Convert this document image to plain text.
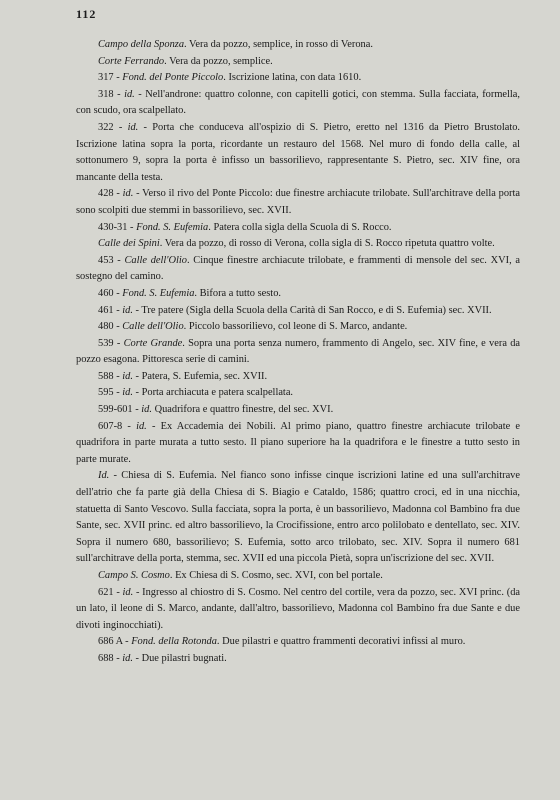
112

Campo della Sponza. Vera da pozzo, semplice, in rosso di Verona.

Corte Ferrando. Vera da pozzo, semplice.

317 - Fond. del Ponte Piccolo. Iscrizione latina, con data 1610.

318 - id. - Nell'androne: quattro colonne, con capitelli gotici, con stemma. Sulla facciata, formella, con scudo, ora scalpellato.

322 - id. - Porta che conduceva all'ospizio di S. Pietro, eretto nel 1316 da Pietro Brustolato. Iscrizione latina sopra la porta, ricordante un restauro del 1568. Nel muro di fondo della calle, al sottonumero 9, sopra la porta è infisso un bassorilievo, rappresentante S. Pietro, sec. XIV fine, ora mancante della testa.

428 - id. - Verso il rivo del Ponte Piccolo: due finestre archiacute trilobate. Sull'architrave della porta sono scolpiti due stemmi in bassorilievo, sec. XVII.

430-31 - Fond. S. Eufemia. Patera colla sigla della Scuola di S. Rocco.

Calle dei Spini. Vera da pozzo, di rosso di Verona, colla sigla di S. Rocco ripetuta quattro volte.

453 - Calle dell'Olio. Cinque finestre archiacute trilobate, e frammenti di mensole del sec. XVI, a sostegno del camino.

460 - Fond. S. Eufemia. Bifora a tutto sesto.

461 - id. - Tre patere (Sigla della Scuola della Carità di San Rocco, e di S. Eufemia) sec. XVII.

480 - Calle dell'Olio. Piccolo bassorilievo, col leone di S. Marco, andante.

539 - Corte Grande. Sopra una porta senza numero, frammento di Angelo, sec. XIV fine, e vera da pozzo esagona. Pittoresca serie di camini.

588 - id. - Patera, S. Eufemia, sec. XVII.

595 - id. - Porta archiacuta e patera scalpellata.

599-601 - id. Quadrifora e quattro finestre, del sec. XVI.

607-8 - id. - Ex Accademia dei Nobili. Al primo piano, quattro finestre archiacute trilobate e quadrifora in parte murata a tutto sesto. Il piano superiore ha la quadrifora e le finestre a tutto sesto in parte murate.

Id. - Chiesa di S. Eufemia. Nel fianco sono infisse cinque iscrizioni latine ed una sull'architrave dell'atrio che fa parte già della Chiesa di S. Biagio e Cataldo, 1586; quattro croci, ed in una nicchia, statuetta di Santo Vescovo. Sulla facciata, sopra la porta, è un bassorilievo, Madonna col Bambino fra due Sante, sec. XVII princ. ed altro bassorilievo, la Crocifissione, entro arco polilobato e dentellato, sec. XIV. Sopra il numero 680, bassorilievo; S. Eufemia, sotto arco trilobato, sec. XIV. Sopra il numero 681 sull'architrave della porta, stemma, sec. XVII ed una piccola Pietà, sopra un'iscrizione del sec. XVII.

Campo S. Cosmo. Ex Chiesa di S. Cosmo, sec. XVI, con bel portale.

621 - id. - Ingresso al chiostro di S. Cosmo. Nel centro del cortile, vera da pozzo, sec. XVI princ. (da un lato, il leone di S. Marco, andante, dall'altro, bassorilievo, Madonna col Bambino fra due Sante e due divoti inginocchiati).

686 A - Fond. della Rotonda. Due pilastri e quattro frammenti decorativi infissi al muro.

688 - id. - Due pilastri bugnati.
